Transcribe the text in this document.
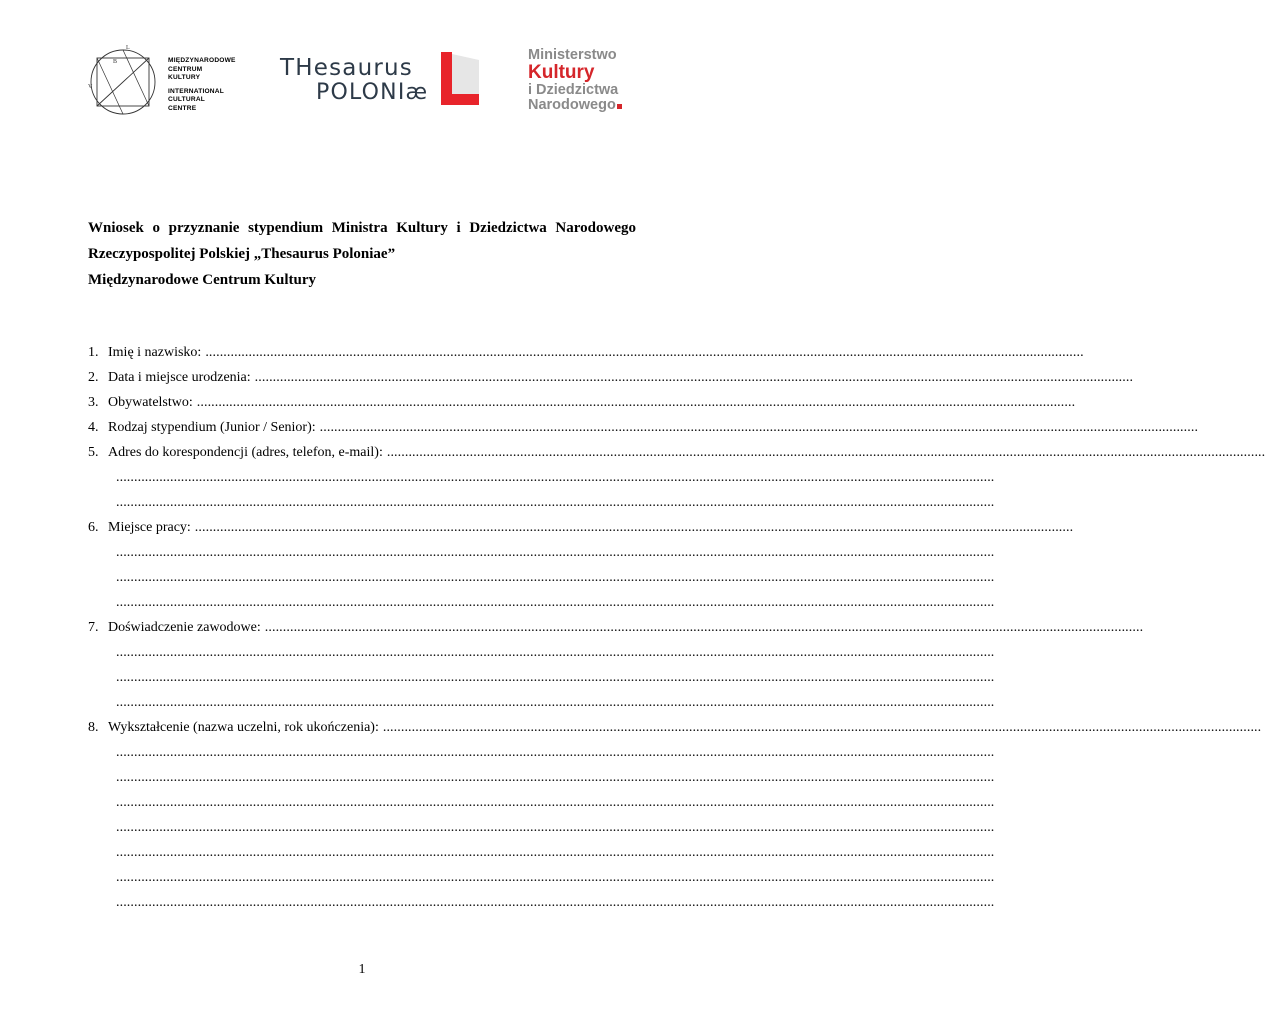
L
B
V
MIĘDZYNARODOWE
CENTRUM
KULTURY
INTERNATIONAL
CULTURAL
CENTRE
THesaurus
POLONIæ
Ministerstwo
Kultury
i Dziedzictwa
Narodowego
Wniosek o przyznanie stypendium Ministra Kultury i Dziedzictwa Narodowego
Rzeczypospolitej Polskiej „Thesaurus Poloniae”
Międzynarodowe Centrum Kultury
1. Imię i nazwisko: ....................................................................................................................................................................................................................................................
2. Data i miejsce urodzenia: ....................................................................................................................................................................................................................................................
3. Obywatelstwo: ....................................................................................................................................................................................................................................................
4. Rodzaj stypendium (Junior / Senior): ....................................................................................................................................................................................................................................................
5. Adres do korespondencji (adres, telefon, e-mail): ....................................................................................................................................................................................................................................................
....................................................................................................................................................................................................................................................
....................................................................................................................................................................................................................................................
6. Miejsce pracy: ....................................................................................................................................................................................................................................................
....................................................................................................................................................................................................................................................
....................................................................................................................................................................................................................................................
....................................................................................................................................................................................................................................................
7. Doświadczenie zawodowe: ....................................................................................................................................................................................................................................................
....................................................................................................................................................................................................................................................
....................................................................................................................................................................................................................................................
....................................................................................................................................................................................................................................................
8. Wykształcenie (nazwa uczelni, rok ukończenia): ....................................................................................................................................................................................................................................................
....................................................................................................................................................................................................................................................
....................................................................................................................................................................................................................................................
....................................................................................................................................................................................................................................................
....................................................................................................................................................................................................................................................
....................................................................................................................................................................................................................................................
....................................................................................................................................................................................................................................................
....................................................................................................................................................................................................................................................
1
